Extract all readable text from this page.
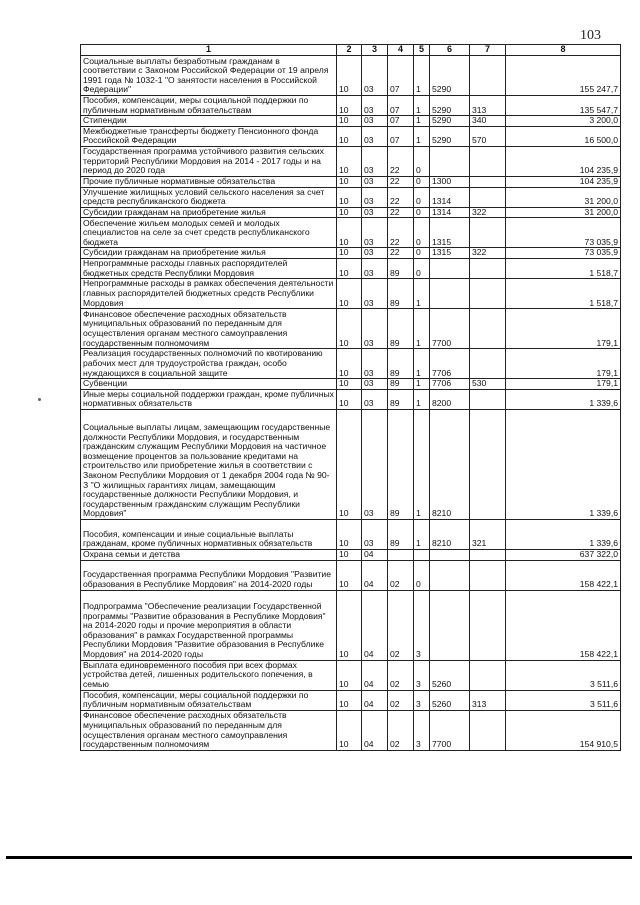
103
1	2	3	4	5	6	7	8
Социальные выплаты безработным гражданам в соответствии с Законом Российской Федерации от 19 апреля 1991 года № 1032-1 "О занятости населения в Российской Федерации"	10	03	07	1	5290		155 247,7
Пособия, компенсации, меры социальной поддержки по публичным нормативным обязательствам	10	03	07	1	5290	313	135 547,7
Стипендии	10	03	07	1	5290	340	3 200,0
Межбюджетные трансферты бюджету Пенсионного фонда Российской Федерации	10	03	07	1	5290	570	16 500,0
Государственная программа устойчивого развития сельских территорий Республики Мордовия на 2014 - 2017 годы и на период до 2020 года	10	03	22	0			104 235,9
Прочие публичные нормативные обязательства	10	03	22	0	1300		104 235,9
Улучшение жилищных условий сельского населения за счет средств республиканского бюджета	10	03	22	0	1314		31 200,0
Субсидии гражданам на приобретение жилья	10	03	22	0	1314	322	31 200,0
Обеспечение жильем молодых семей и молодых специалистов на селе за счет средств республиканского бюджета	10	03	22	0	1315		73 035,9
Субсидии гражданам на приобретение жилья	10	03	22	0	1315	322	73 035,9
Непрограммные расходы главных распорядителей бюджетных средств Республики Мордовия	10	03	89	0			1 518,7
Непрограммные расходы в рамках обеспечения деятельности главных распорядителей бюджетных средств Республики Мордовия	10	03	89	1			1 518,7
Финансовое обеспечение расходных обязательств муниципальных образований по переданным для осуществления органам местного самоуправления государственным полномочиям	10	03	89	1	7700		179,1
Реализация государственных полномочий по квотированию рабочих мест для трудоустройства граждан, особо нуждающихся в социальной защите	10	03	89	1	7706		179,1
Субвенции	10	03	89	1	7706	530	179,1
Иные меры социальной поддержки граждан, кроме публичных нормативных обязательств	10	03	89	1	8200		1 339,6
Социальные выплаты лицам, замещающим государственные должности Республики Мордовия, и государственным гражданским служащим Республики Мордовия на частичное возмещение процентов за пользование кредитами на строительство или приобретение жилья в соответствии с Законом Республики Мордовия от 1 декабря 2004 года № 90-З "О жилищных гарантиях лицам, замещающим государственные должности Республики Мордовия, и государственным гражданским служащим Республики Мордовия"	10	03	89	1	8210		1 339,6
Пособия, компенсации и иные социальные выплаты гражданам, кроме публичных нормативных обязательств	10	03	89	1	8210	321	1 339,6
Охрана семьи и детства	10	04					637 322,0
Государственная программа Республики Мордовия "Развитие образования в Республике Мордовия" на 2014-2020 годы	10	04	02	0			158 422,1
Подпрограмма "Обеспечение реализации Государственной программы "Развитие образования в Республике Мордовия" на 2014-2020 годы и прочие мероприятия в области образования" в рамках Государственной программы Республики Мордовия "Развитие образования в Республике Мордовия" на 2014-2020 годы	10	04	02	3			158 422,1
Выплата единовременного пособия при всех формах устройства детей, лишенных родительского попечения, в семью	10	04	02	3	5260		3 511,6
Пособия, компенсации, меры социальной поддержки по публичным нормативным обязательствам	10	04	02	3	5260	313	3 511,6
Финансовое обеспечение расходных обязательств муниципальных образований по переданным для осуществления органам местного самоуправления государственным полномочиям	10	04	02	3	7700		154 910,5
